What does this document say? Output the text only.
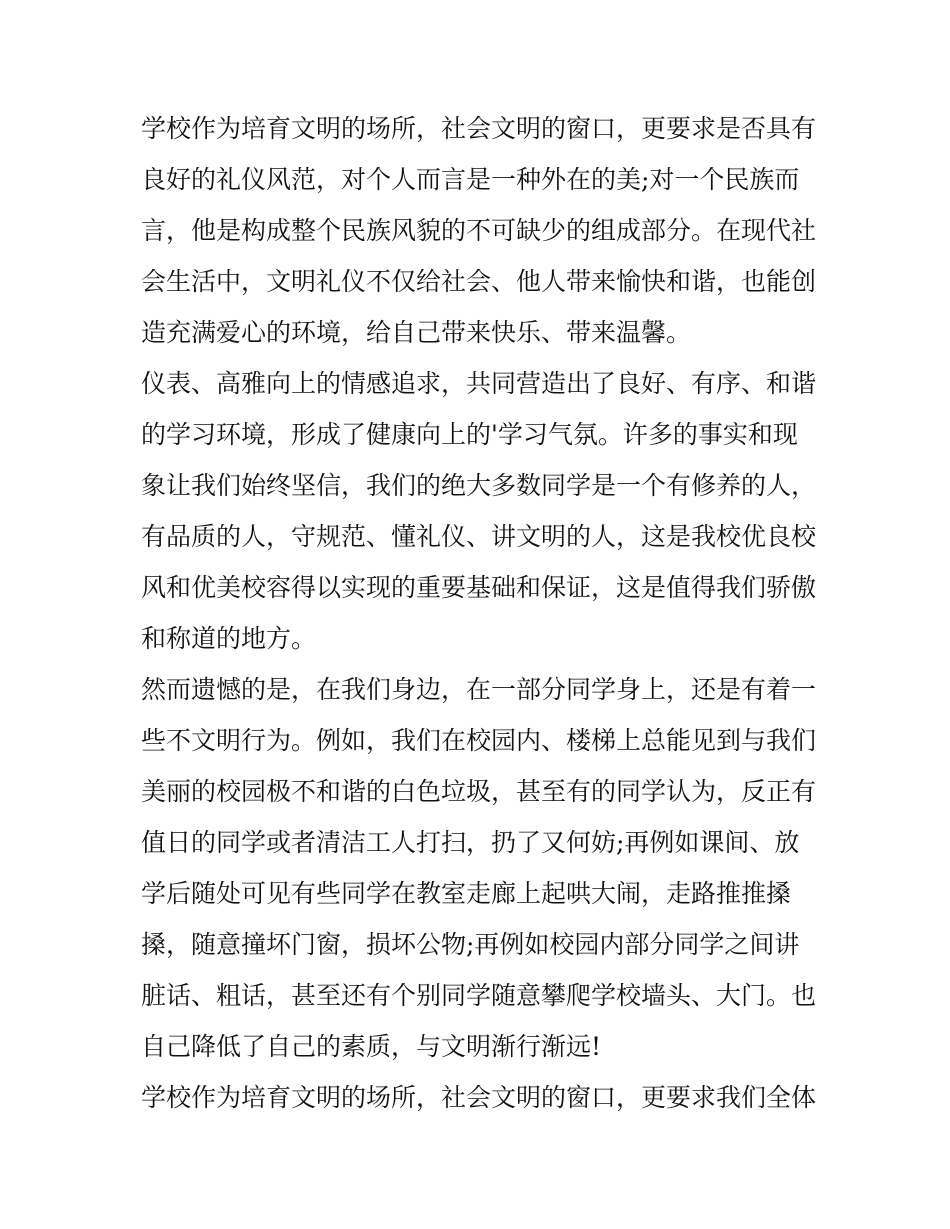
学校作为培育文明的场所，社会文明的窗口，更要求是否具有
良好的礼仪风范，对个人而言是一种外在的美;对一个民族而
言，他是构成整个民族风貌的不可缺少的组成部分。在现代社
会生活中，文明礼仪不仅给社会、他人带来愉快和谐，也能创
造充满爱心的环境，给自己带来快乐、带来温馨。
仪表、高雅向上的情感追求，共同营造出了良好、有序、和谐
的学习环境，形成了健康向上的'学习气氛。许多的事实和现
象让我们始终坚信，我们的绝大多数同学是一个有修养的人，
有品质的人，守规范、懂礼仪、讲文明的人，这是我校优良校
风和优美校容得以实现的重要基础和保证，这是值得我们骄傲
和称道的地方。
然而遗憾的是，在我们身边，在一部分同学身上，还是有着一
些不文明行为。例如，我们在校园内、楼梯上总能见到与我们
美丽的校园极不和谐的白色垃圾，甚至有的同学认为，反正有
值日的同学或者清洁工人打扫，扔了又何妨;再例如课间、放
学后随处可见有些同学在教室走廊上起哄大闹，走路推推搡
搡，随意撞坏门窗，损坏公物;再例如校园内部分同学之间讲
脏话、粗话，甚至还有个别同学随意攀爬学校墙头、大门。也
自己降低了自己的素质，与文明渐行渐远!
学校作为培育文明的场所，社会文明的窗口，更要求我们全体
